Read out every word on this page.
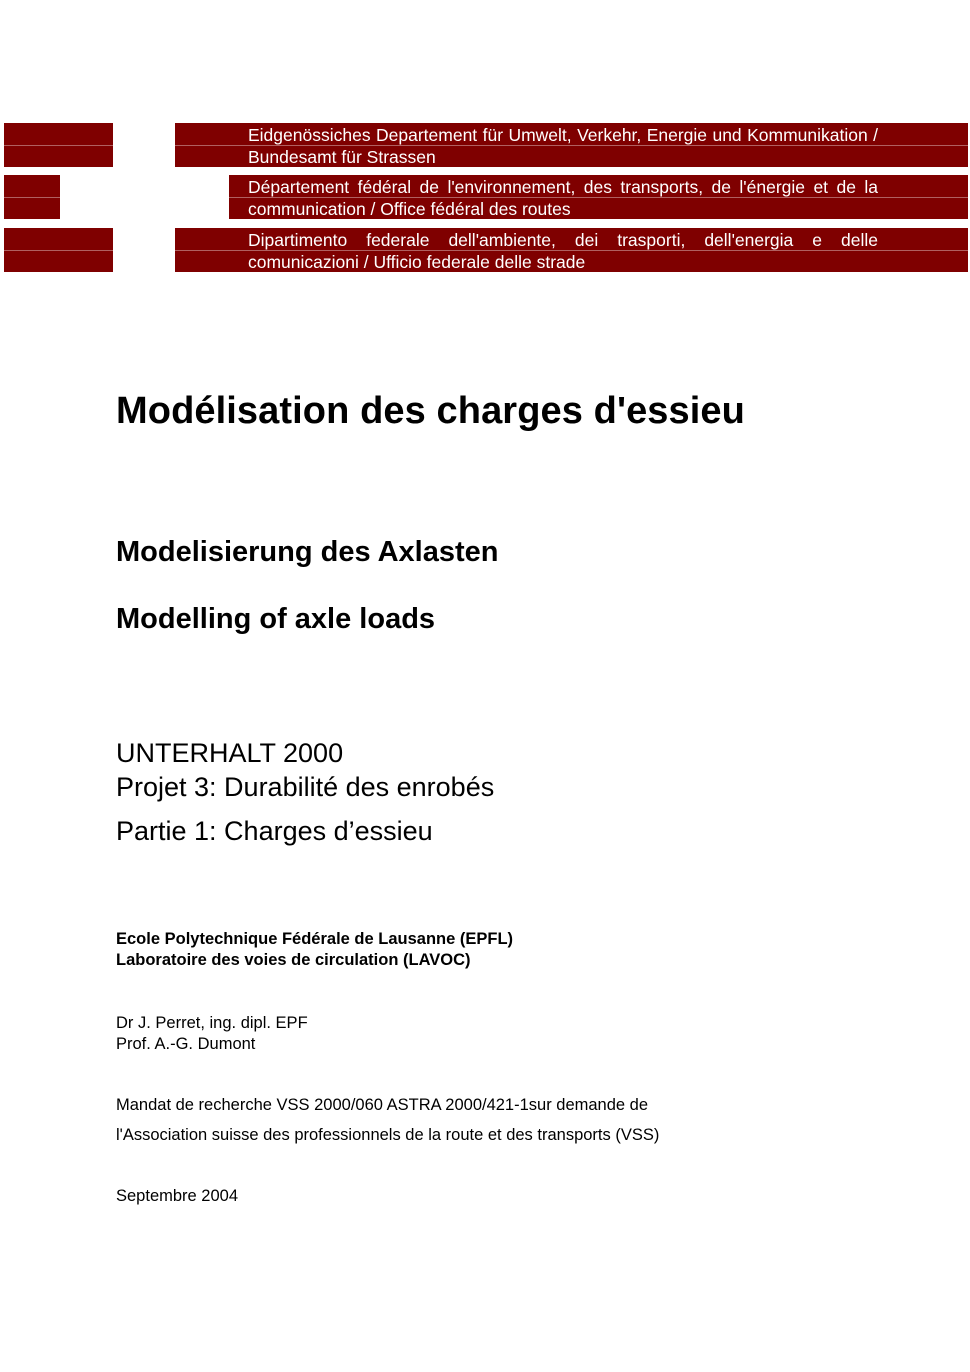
Eidgenössiches Departement für Umwelt, Verkehr, Energie und Kommunikation / Bundesamt für Strassen
Département fédéral de l'environnement, des transports, de l'énergie et de la communication / Office fédéral des routes
Dipartimento federale dell'ambiente, dei trasporti, dell'energia e delle comunicazioni / Ufficio federale delle strade
Modélisation des charges d'essieu
Modelisierung des Axlasten
Modelling of axle loads
UNTERHALT 2000
Projet 3: Durabilité des enrobés
Partie 1: Charges d’essieu
Ecole Polytechnique Fédérale de Lausanne (EPFL)
Laboratoire des voies de circulation (LAVOC)
Dr J. Perret, ing. dipl. EPF
Prof. A.-G. Dumont
Mandat de recherche VSS 2000/060 ASTRA 2000/421-1sur demande de
l'Association suisse des professionnels de la route et des transports (VSS)
Septembre 2004
